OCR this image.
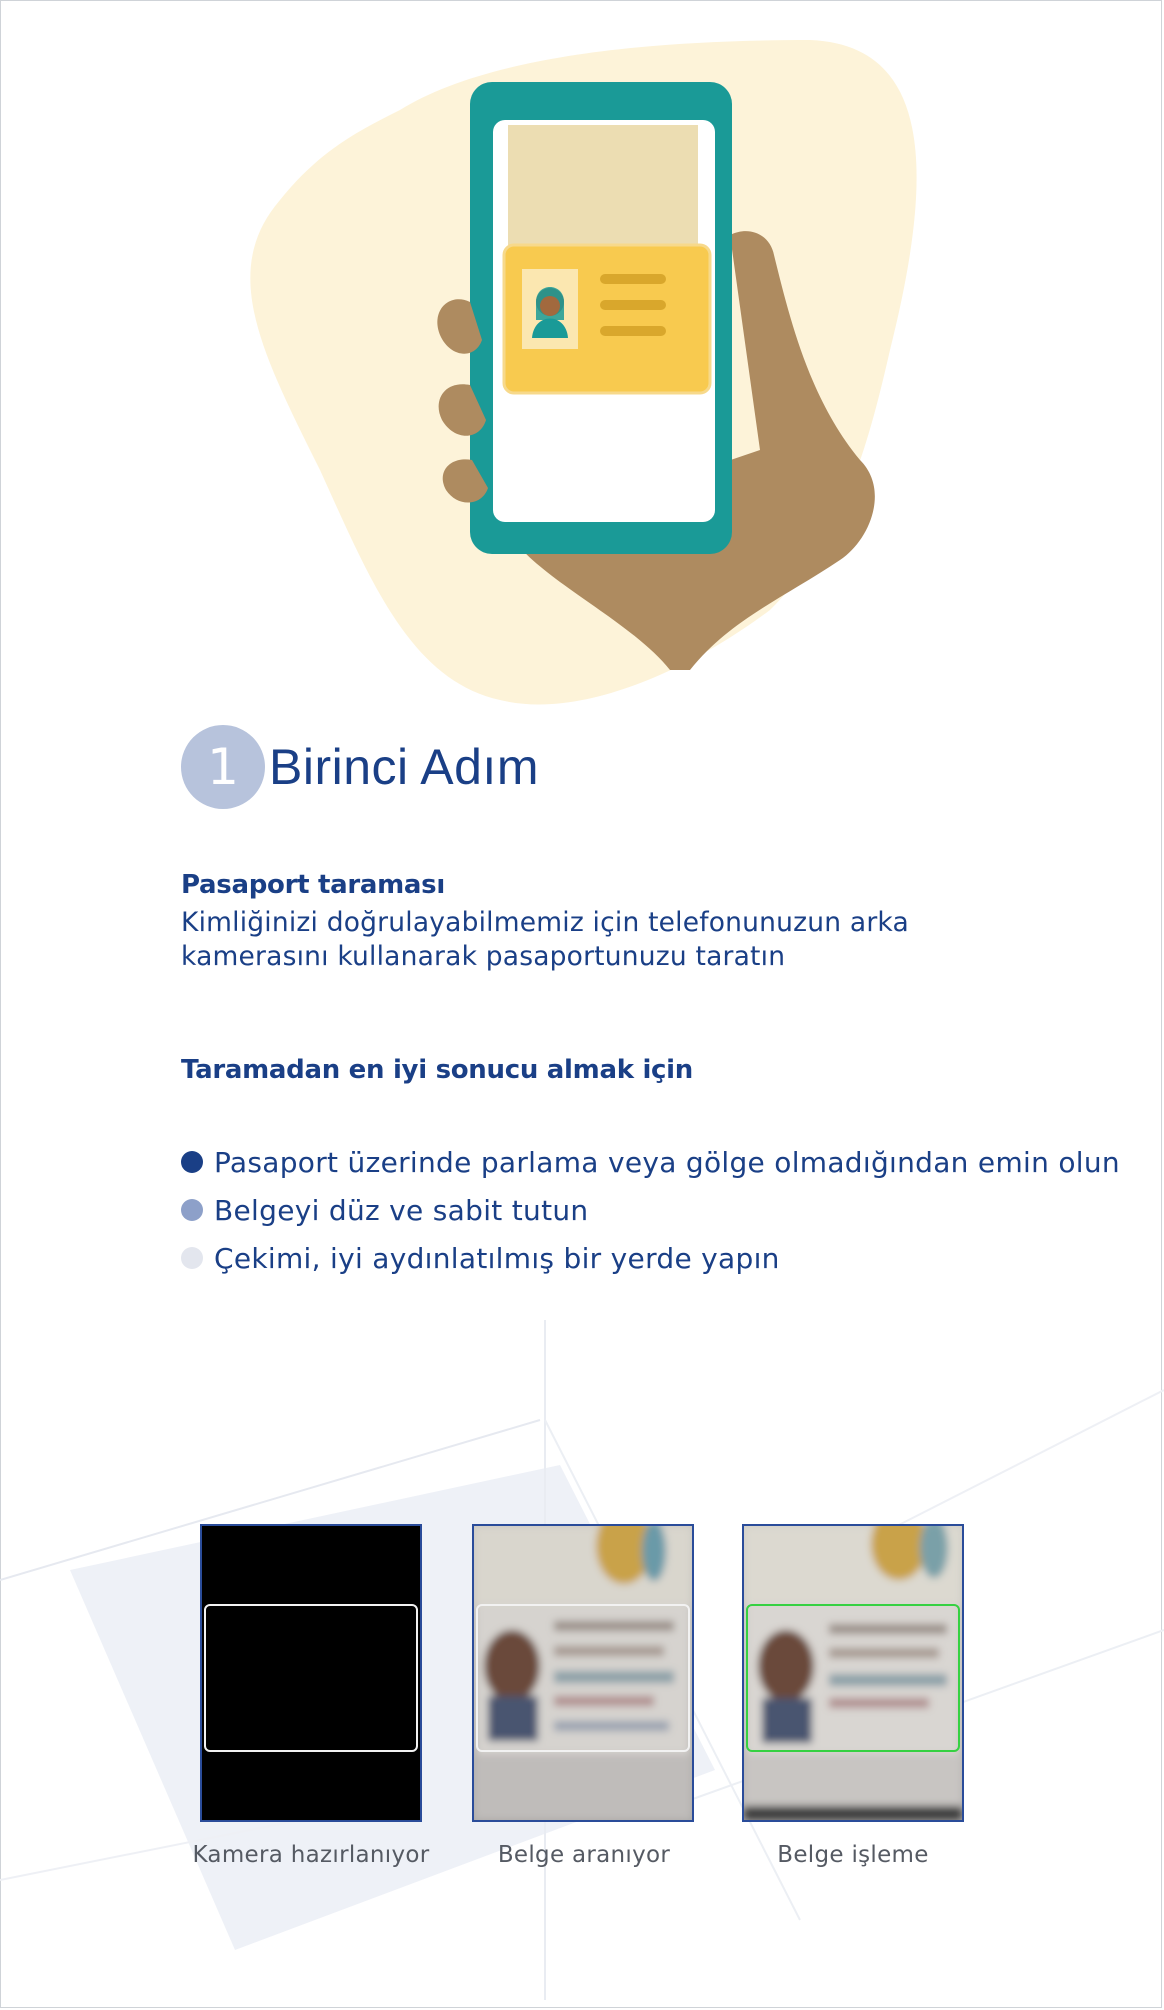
1 Birinci Adım
Pasaport taraması
Kimliğinizi doğrulayabilmemiz için telefonunuzun arka kamerasını kullanarak pasaportunuzu taratın
Taramadan en iyi sonucu almak için
Pasaport üzerinde parlama veya gölge olmadığından emin olun
Belgeyi düz ve sabit tutun
Çekimi, iyi aydınlatılmış bir yerde yapın
Kamera hazırlanıyor	Belge aranıyor	Belge işleme
